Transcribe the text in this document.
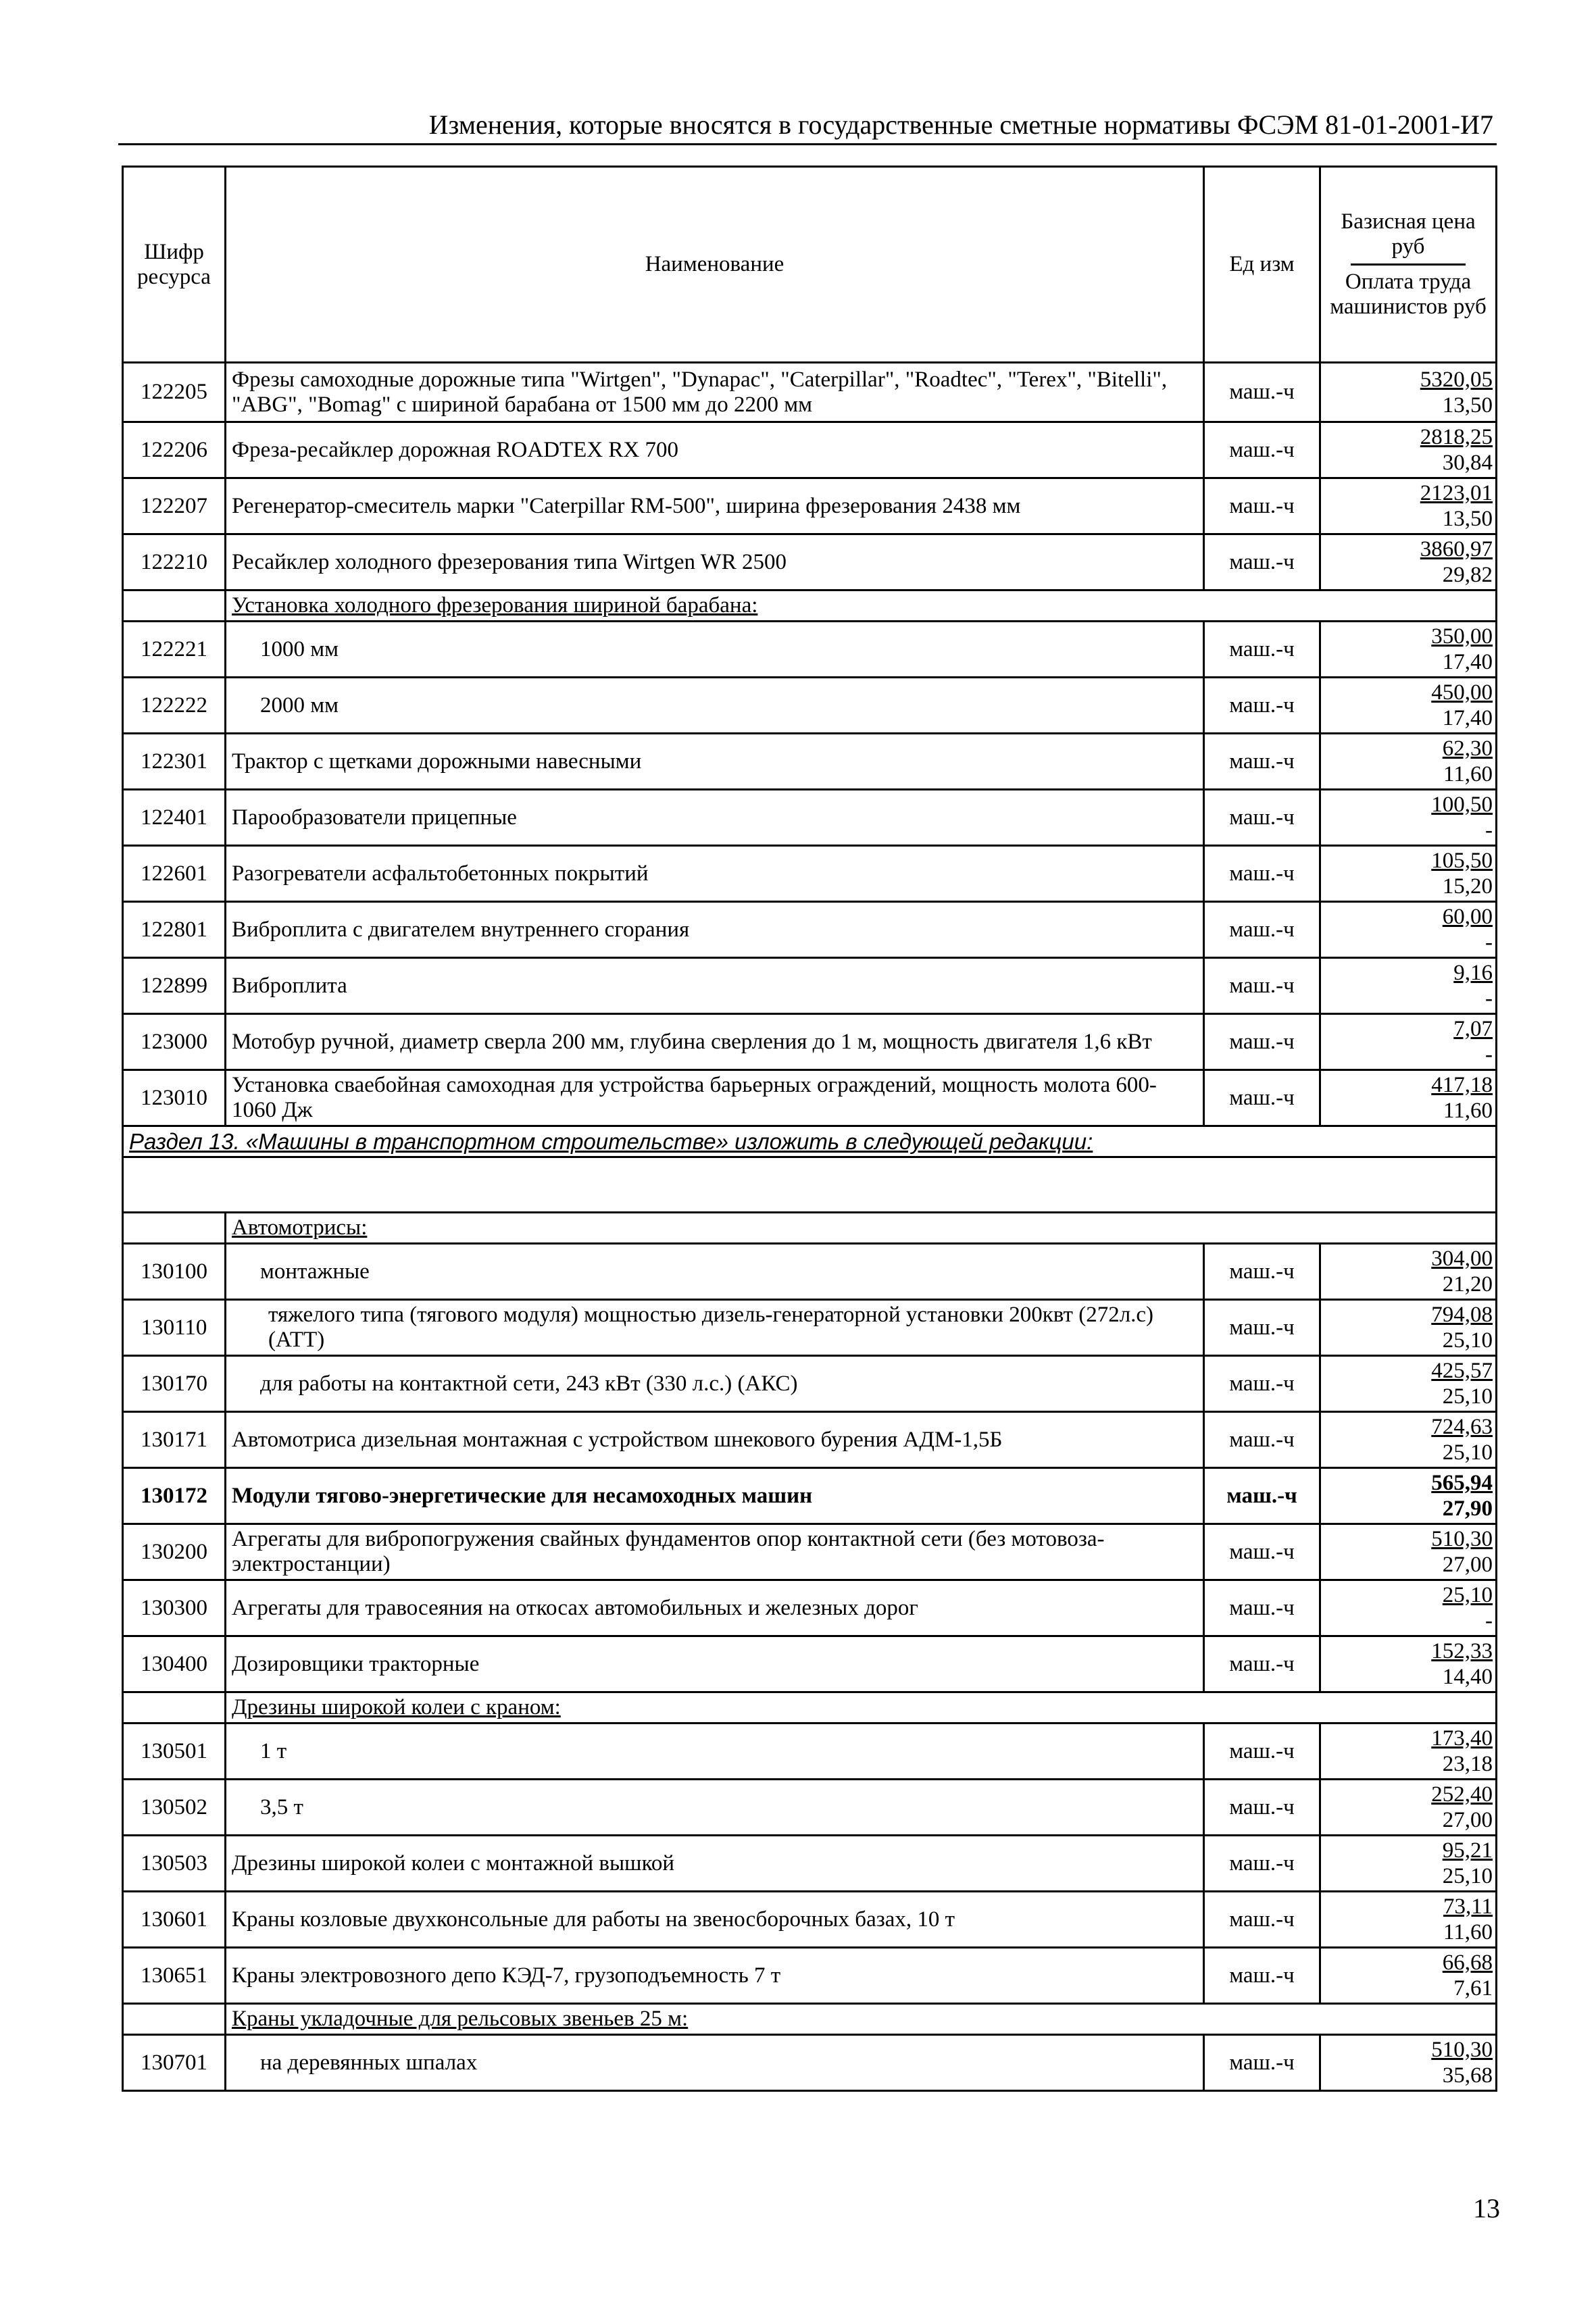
Изменения, которые вносятся в государственные сметные нормативы ФСЭМ 81-01-2001-И7
Шифр ресурса	Наименование	Ед изм	Базисная цена руб
Оплата труда машинистов руб

122205	Фрезы самоходные дорожные типа "Wirtgen", "Dynapac", "Caterpillar", "Roadtec", "Terex", "Bitelli", "ABG", "Bomag" с шириной барабана от 1500 мм до 2200 мм	маш.-ч	5320,05
13,50

122206	Фреза-ресайклер дорожная ROADTEX RX 700	маш.-ч	2818,25
30,84

122207	Регенератор-смеситель марки "Caterpillar RM-500", ширина фрезерования 2438 мм	маш.-ч	2123,01
13,50

122210	Ресайклер холодного фрезерования типа Wirtgen WR 2500	маш.-ч	3860,97
29,82

	Установка холодного фрезерования шириной барабана:		
122221	1000 мм	маш.-ч	350,00
17,40

122222	2000 мм	маш.-ч	450,00
17,40

122301	Трактор с щетками дорожными навесными	маш.-ч	62,30
11,60

122401	Парообразователи прицепные	маш.-ч	100,50
-

122601	Разогреватели асфальтобетонных покрытий	маш.-ч	105,50
15,20

122801	Виброплита с двигателем внутреннего сгорания	маш.-ч	60,00
-

122899	Виброплита	маш.-ч	9,16
-

123000	Мотобур ручной, диаметр сверла 200 мм, глубина сверления до 1 м, мощность двигателя 1,6 кВт	маш.-ч	7,07
-

123010	Установка сваебойная самоходная для устройства барьерных ограждений, мощность молота 600-1060 Дж	маш.-ч	417,18
11,60

Раздел 13. «Машины в транспортном строительстве» изложить в следующей редакции:			

	Автомотрисы:		
130100	монтажные	маш.-ч	304,00
21,20

130110	тяжелого типа (тягового модуля) мощностью дизель-генераторной установки 200квт (272л.с) (АТТ)	маш.-ч	794,08
25,10

130170	для работы на контактной сети, 243 кВт (330 л.с.) (АКС)	маш.-ч	425,57
25,10

130171	Автомотриса дизельная монтажная с устройством шнекового бурения АДМ-1,5Б	маш.-ч	724,63
25,10

130172	Модули тягово-энергетические для несамоходных машин	маш.-ч	565,94
27,90

130200	Агрегаты для вибропогружения свайных фундаментов опор контактной сети (без мотовоза-электростанции)	маш.-ч	510,30
27,00

130300	Агрегаты для травосеяния на откосах автомобильных и железных дорог	маш.-ч	25,10
-

130400	Дозировщики тракторные	маш.-ч	152,33
14,40

	Дрезины широкой колеи с краном:		
130501	1 т	маш.-ч	173,40
23,18

130502	3,5 т	маш.-ч	252,40
27,00

130503	Дрезины широкой колеи с монтажной вышкой	маш.-ч	95,21
25,10

130601	Краны козловые двухконсольные для работы на звеносборочных базах, 10 т	маш.-ч	73,11
11,60

130651	Краны электровозного депо КЭД-7, грузоподъемность 7 т	маш.-ч	66,68
7,61

	Краны укладочные для рельсовых звеньев 25 м:		
130701	на деревянных шпалах	маш.-ч	510,30
35,68
13
